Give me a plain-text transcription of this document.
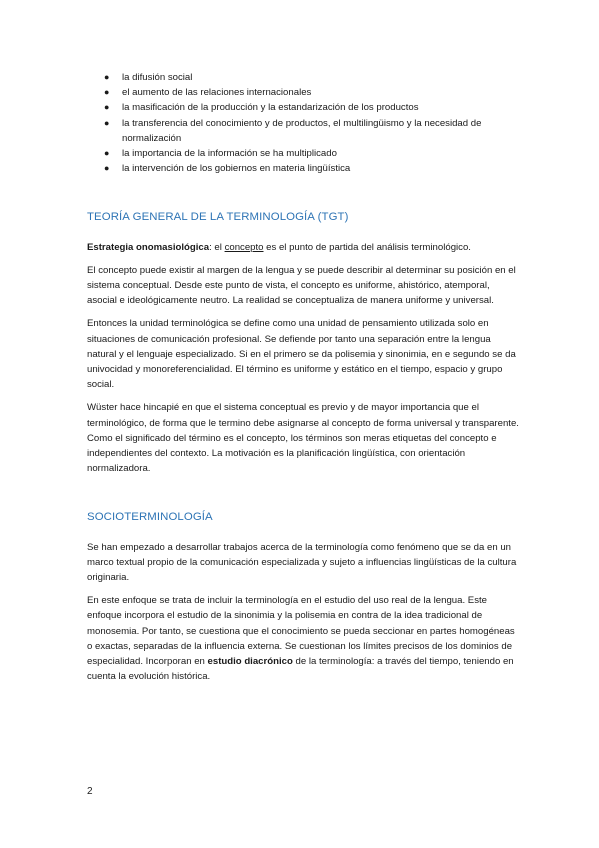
● la difusión social
● el aumento de las relaciones internacionales
● la masificación de la producción y la estandarización de los productos
● la transferencia del conocimiento y de productos, el multilingüismo y la necesidad de normalización
● la importancia de la información se ha multiplicado
● la intervención de los gobiernos en materia lingüística
TEORÍA GENERAL DE LA TERMINOLOGÍA (TGT)

Estrategia onomasiológica: el concepto es el punto de partida del análisis terminológico.

El concepto puede existir al margen de la lengua y se puede describir al determinar su posición en el sistema conceptual. Desde este punto de vista, el concepto es uniforme, ahistórico, atemporal, asocial e ideológicamente neutro. La realidad se conceptualiza de manera uniforme y universal.

Entonces la unidad terminológica se define como una unidad de pensamiento utilizada solo en situaciones de comunicación profesional. Se defiende por tanto una separación entre la lengua natural y el lenguaje especializado. Si en el primero se da polisemia y sinonimia, en e segundo se da univocidad y monoreferencialidad. El término es uniforme y estático en el tiempo, espacio y grupo social.

Wüster hace hincapié en que el sistema conceptual es previo y de mayor importancia que el terminológico, de forma que le termino debe asignarse al concepto de forma universal y transparente. Como el significado del término es el concepto, los términos son meras etiquetas del concepto e independientes del contexto. La motivación es la planificación lingüística, con orientación normalizadora.

SOCIOTERMINOLOGÍA

Se han empezado a desarrollar trabajos acerca de la terminología como fenómeno que se da en un marco textual propio de la comunicación especializada y sujeto a influencias lingüísticas de la cultura originaria.

En este enfoque se trata de incluir la terminología en el estudio del uso real de la lengua. Este enfoque incorpora el estudio de la sinonimia y la polisemia en contra de la idea tradicional de monosemia. Por tanto, se cuestiona que el conocimiento se pueda seccionar en partes homogéneas o exactas, separadas de la influencia externa. Se cuestionan los límites precisos de los dominios de especialidad. Incorporan en estudio diacrónico de la terminología: a través del tiempo, teniendo en cuenta la evolución histórica.

2
